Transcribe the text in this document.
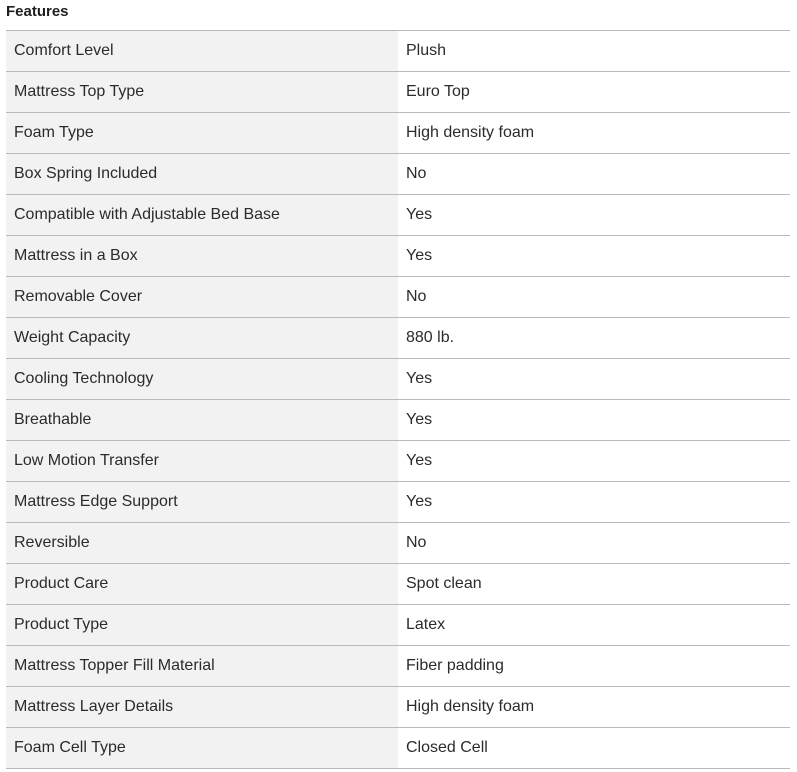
Features
Comfort Level	Plush
Mattress Top Type	Euro Top
Foam Type	High density foam
Box Spring Included	No
Compatible with Adjustable Bed Base	Yes
Mattress in a Box	Yes
Removable Cover	No
Weight Capacity	880 lb.
Cooling Technology	Yes
Breathable	Yes
Low Motion Transfer	Yes
Mattress Edge Support	Yes
Reversible	No
Product Care	Spot clean
Product Type	Latex
Mattress Topper Fill Material	Fiber padding
Mattress Layer Details	High density foam
Foam Cell Type	Closed Cell
